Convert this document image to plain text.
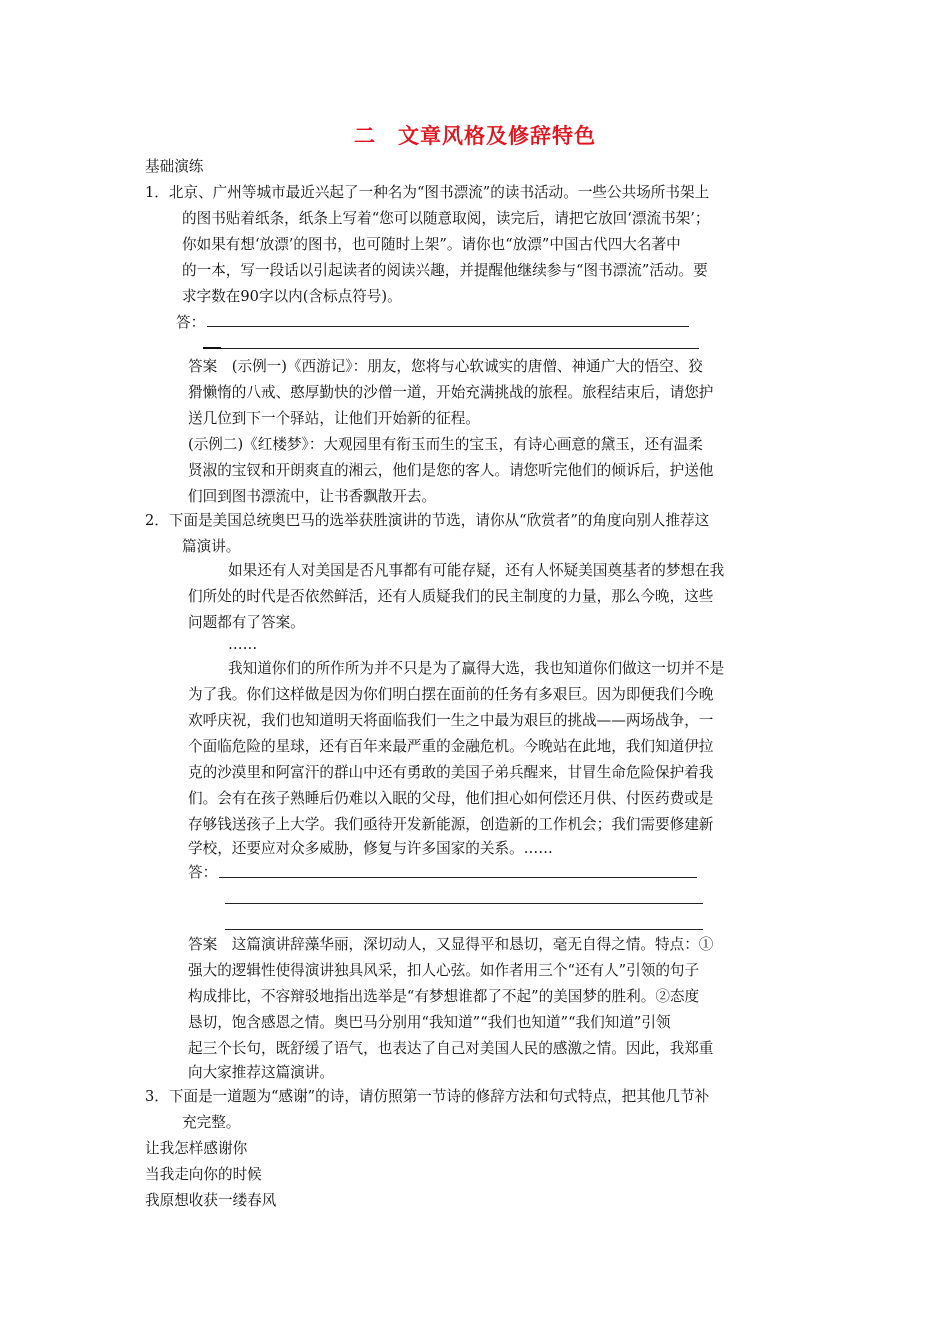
二　文章风格及修辞特色
基础演练
1．北京、广州等城市最近兴起了一种名为“图书漂流”的读书活动。一些公共场所书架上
的图书贴着纸条，纸条上写着“您可以随意取阅，读完后，请把它放回‘漂流书架’；
你如果有想‘放漂’的图书，也可随时上架”。请你也“放漂”中国古代四大名著中
的一本，写一段话以引起读者的阅读兴趣，并提醒他继续参与“图书漂流”活动。要
求字数在90字以内(含标点符号)。
答：
答案　(示例一)《西游记》：朋友，您将与心软诚实的唐僧、神通广大的悟空、狡
猾懒惰的八戒、憨厚勤快的沙僧一道，开始充满挑战的旅程。旅程结束后，请您护
送几位到下一个驿站，让他们开始新的征程。
(示例二)《红楼梦》：大观园里有衔玉而生的宝玉，有诗心画意的黛玉，还有温柔
贤淑的宝钗和开朗爽直的湘云，他们是您的客人。请您听完他们的倾诉后，护送他
们回到图书漂流中，让书香飘散开去。
2．下面是美国总统奥巴马的选举获胜演讲的节选，请你从“欣赏者”的角度向别人推荐这
篇演讲。
如果还有人对美国是否凡事都有可能存疑，还有人怀疑美国奠基者的梦想在我
们所处的时代是否依然鲜活，还有人质疑我们的民主制度的力量，那么今晚，这些
问题都有了答案。
……
我知道你们的所作所为并不只是为了赢得大选，我也知道你们做这一切并不是
为了我。你们这样做是因为你们明白摆在面前的任务有多艰巨。因为即便我们今晚
欢呼庆祝，我们也知道明天将面临我们一生之中最为艰巨的挑战——两场战争，一
个面临危险的星球，还有百年来最严重的金融危机。今晚站在此地，我们知道伊拉
克的沙漠里和阿富汗的群山中还有勇敢的美国子弟兵醒来，甘冒生命危险保护着我
们。会有在孩子熟睡后仍难以入眠的父母，他们担心如何偿还月供、付医药费或是
存够钱送孩子上大学。我们亟待开发新能源，创造新的工作机会；我们需要修建新
学校，还要应对众多威胁，修复与许多国家的关系。……
答：
答案　这篇演讲辞藻华丽，深切动人，又显得平和恳切，毫无自得之情。特点：①
强大的逻辑性使得演讲独具风采，扣人心弦。如作者用三个“还有人”引领的句子
构成排比，不容辩驳地指出选举是“有梦想谁都了不起”的美国梦的胜利。②态度
恳切，饱含感恩之情。奥巴马分别用“我知道”“我们也知道”“我们知道”引领
起三个长句，既舒缓了语气，也表达了自己对美国人民的感激之情。因此，我郑重
向大家推荐这篇演讲。
3．下面是一道题为“感谢”的诗，请仿照第一节诗的修辞方法和句式特点，把其他几节补
充完整。
让我怎样感谢你
当我走向你的时候
我原想收获一缕春风
